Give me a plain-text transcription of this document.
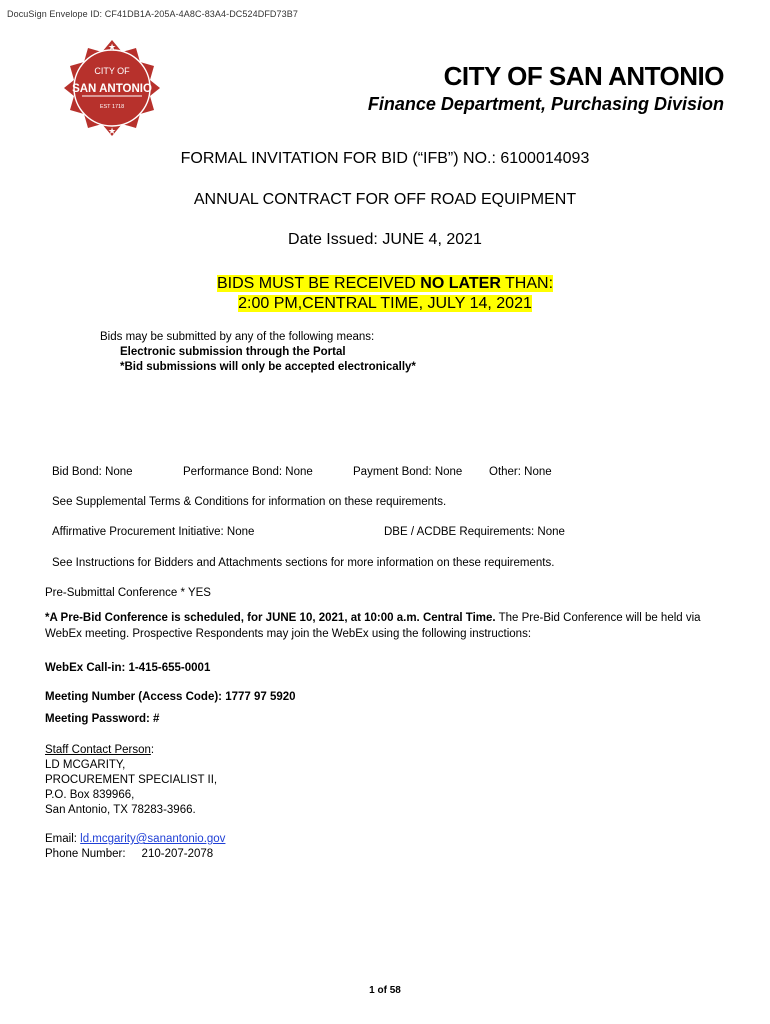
DocuSign Envelope ID: CF41DB1A-205A-4A8C-83A4-DC524DFD73B7
★
★
CITY OF
SAN ANTONIO
EST 1718
CITY OF SAN ANTONIO
Finance Department, Purchasing Division
FORMAL INVITATION FOR BID (“IFB”) NO.: 6100014093
ANNUAL CONTRACT FOR OFF ROAD EQUIPMENT
Date Issued: JUNE 4, 2021
BIDS MUST BE RECEIVED NO LATER THAN:
2:00 PM,CENTRAL TIME, JULY 14, 2021
Bids may be submitted by any of the following means:
Electronic submission through the Portal
*Bid submissions will only be accepted electronically*
Bid Bond: None	Performance Bond: None	Payment Bond: None Other: None
See Supplemental Terms & Conditions for information on these requirements.
Affirmative Procurement Initiative: None	DBE / ACDBE Requirements: None
See Instructions for Bidders and Attachments sections for more information on these requirements.
Pre-Submittal Conference * YES
*A Pre-Bid Conference is scheduled, for JUNE 10, 2021, at 10:00 a.m. Central Time. The Pre-Bid Conference will be held via WebEx meeting. Prospective Respondents may join the WebEx using the following instructions:
WebEx Call-in: 1-415-655-0001
Meeting Number (Access Code): 1777 97 5920
Meeting Password: #
Staff Contact Person:
LD MCGARITY,
PROCUREMENT SPECIALIST II,
P.O. Box 839966,
San Antonio, TX 78283-3966.
Email: ld.mcgarity@sanantonio.gov
Phone Number: 210-207-2078
1 of 58
